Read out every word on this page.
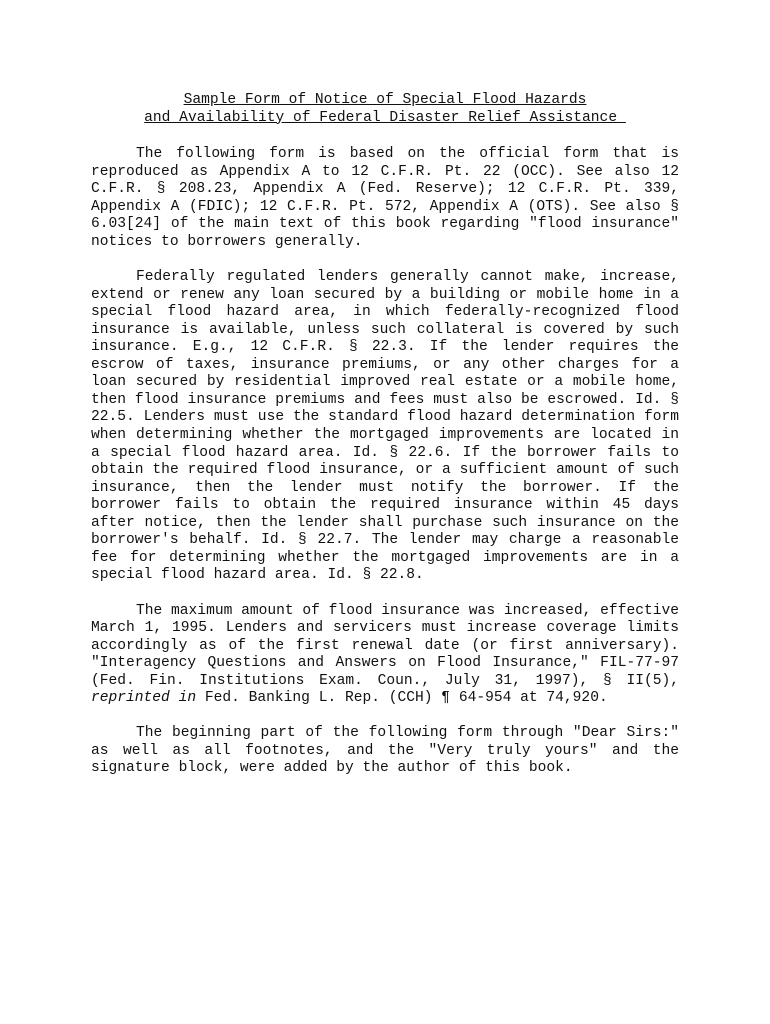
Sample Form of Notice of Special Flood Hazards
and Availability of Federal Disaster Relief Assistance

The following form is based on the official form that is reproduced as Appendix A to 12 C.F.R. Pt. 22 (OCC). See also 12 C.F.R. § 208.23, Appendix A (Fed. Reserve); 12 C.F.R. Pt. 339, Appendix A (FDIC); 12 C.F.R. Pt. 572, Appendix A (OTS). See also § 6.03[24] of the main text of this book regarding "flood insurance" notices to borrowers generally.

Federally regulated lenders generally cannot make, increase, extend or renew any loan secured by a building or mobile home in a special flood hazard area, in which federally-recognized flood insurance is available, unless such collateral is covered by such insurance. E.g., 12 C.F.R. § 22.3. If the lender requires the escrow of taxes, insurance premiums, or any other charges for a loan secured by residential improved real estate or a mobile home, then flood insurance premiums and fees must also be escrowed. Id. § 22.5. Lenders must use the standard flood hazard determination form when determining whether the mortgaged improvements are located in a special flood hazard area. Id. § 22.6. If the borrower fails to obtain the required flood insurance, or a sufficient amount of such insurance, then the lender must notify the borrower. If the borrower fails to obtain the required insurance within 45 days after notice, then the lender shall purchase such insurance on the borrower's behalf. Id. § 22.7. The lender may charge a reasonable fee for determining whether the mortgaged improvements are in a special flood hazard area. Id. § 22.8.

The maximum amount of flood insurance was increased, effective March 1, 1995. Lenders and servicers must increase coverage limits accordingly as of the first renewal date (or first anniversary). "Interagency Questions and Answers on Flood Insurance," FIL-77-97 (Fed. Fin. Institutions Exam. Coun., July 31, 1997), § II(5), reprinted in Fed. Banking L. Rep. (CCH) ¶ 64-954 at 74,920.

The beginning part of the following form through "Dear Sirs:" as well as all footnotes, and the "Very truly yours" and the signature block, were added by the author of this book.
